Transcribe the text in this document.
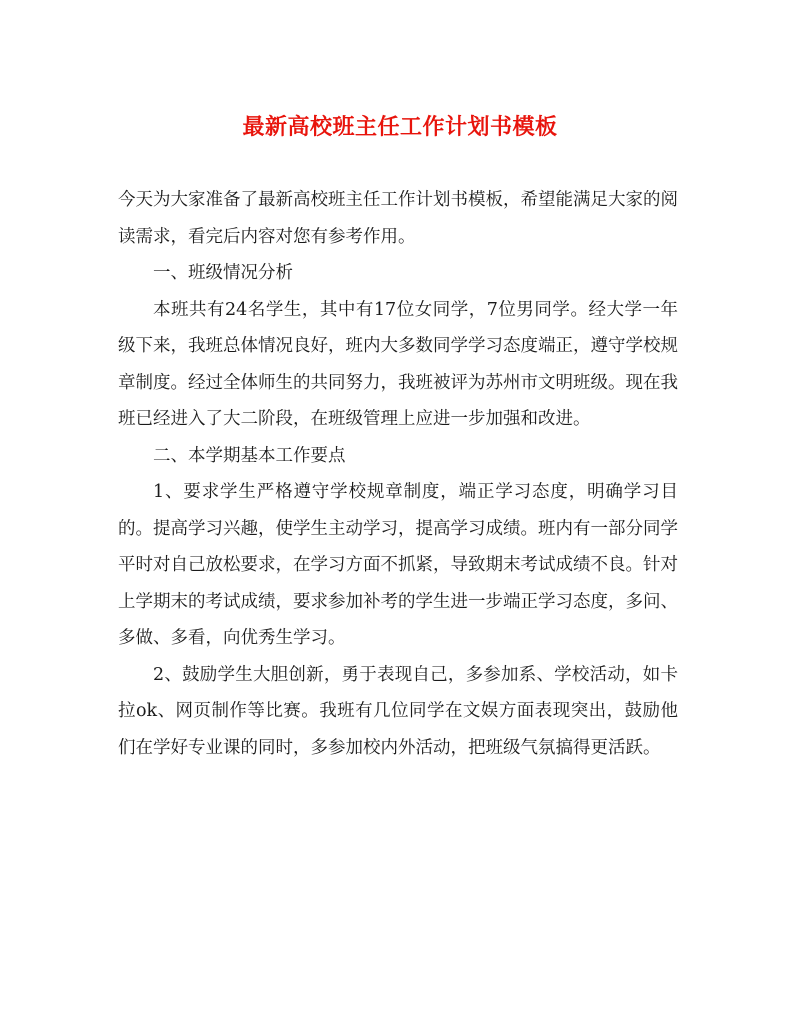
最新高校班主任工作计划书模板

今天为大家准备了最新高校班主任工作计划书模板，希望能满足大家的阅读需求，看完后内容对您有参考作用。

一、班级情况分析

本班共有24名学生，其中有17位女同学，7位男同学。经大学一年级下来，我班总体情况良好，班内大多数同学学习态度端正，遵守学校规章制度。经过全体师生的共同努力，我班被评为苏州市文明班级。现在我班已经进入了大二阶段，在班级管理上应进一步加强和改进。

二、本学期基本工作要点

1、要求学生严格遵守学校规章制度，端正学习态度，明确学习目的。提高学习兴趣，使学生主动学习，提高学习成绩。班内有一部分同学平时对自己放松要求，在学习方面不抓紧，导致期末考试成绩不良。针对上学期末的考试成绩，要求参加补考的学生进一步端正学习态度，多问、多做、多看，向优秀生学习。

2、鼓励学生大胆创新，勇于表现自己，多参加系、学校活动，如卡拉ok、网页制作等比赛。我班有几位同学在文娱方面表现突出，鼓励他们在学好专业课的同时，多参加校内外活动，把班级气氛搞得更活跃。
